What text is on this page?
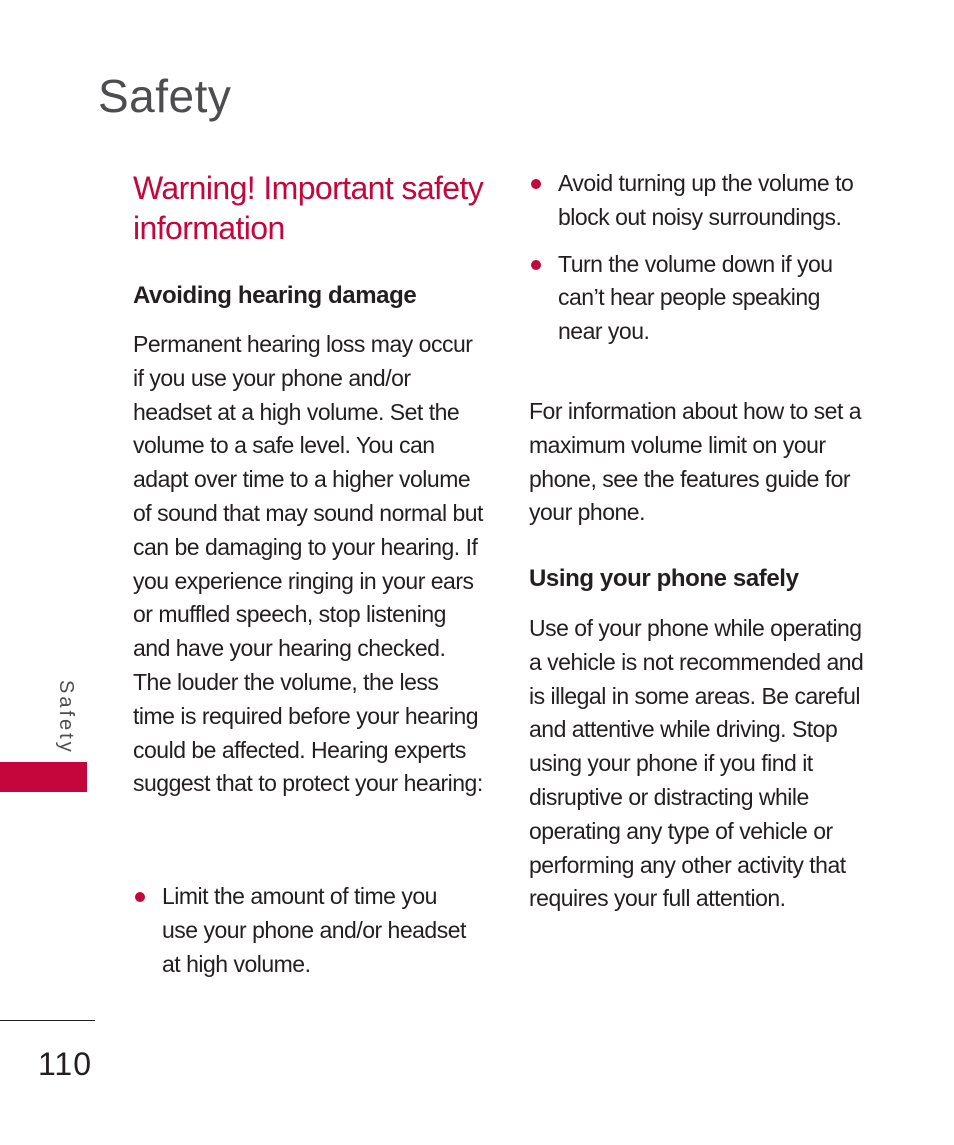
Safety
Warning! Important safety information
Avoiding hearing damage

Permanent hearing loss may occur if you use your phone and/or headset at a high volume. Set the volume to a safe level. You can adapt over time to a higher volume of sound that may sound normal but can be damaging to your hearing. If you experience ringing in your ears or muffled speech, stop listening and have your hearing checked. The louder the volume, the less time is required before your hearing could be affected. Hearing experts suggest that to protect your hearing:

Limit the amount of time you use your phone and/or headset at high volume.
Avoid turning up the volume to block out noisy surroundings.
Turn the volume down if you can’t hear people speaking near you.

For information about how to set a maximum volume limit on your phone, see the features guide for your phone.

Using your phone safely

Use of your phone while operating a vehicle is not recommended and is illegal in some areas. Be careful and attentive while driving. Stop using your phone if you find it disruptive or distracting while operating any type of vehicle or performing any other activity that requires your full attention.

Safety
110
